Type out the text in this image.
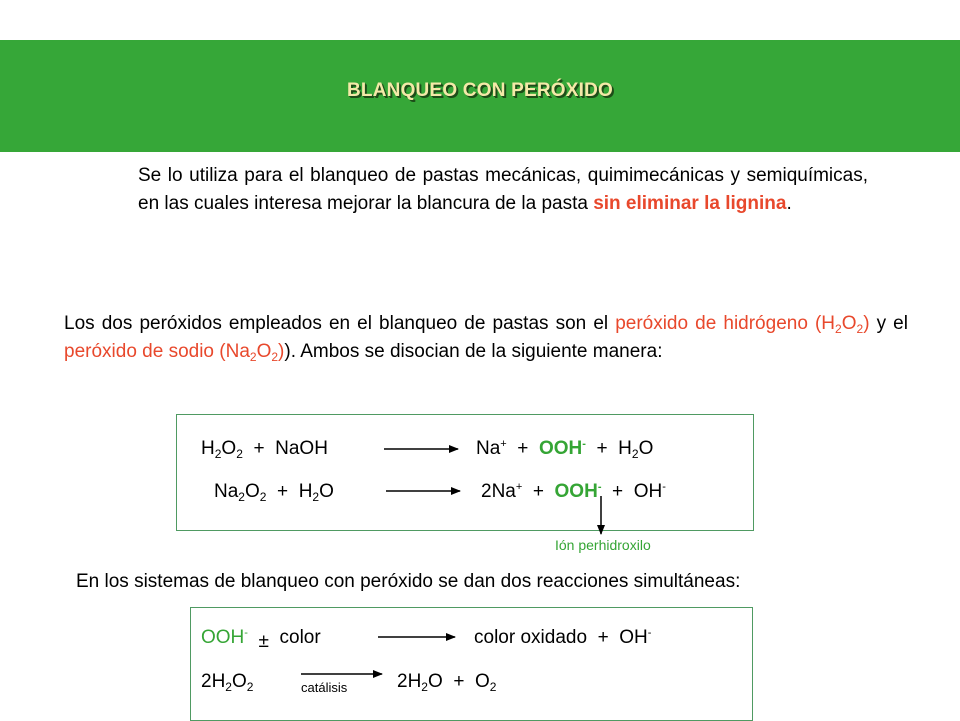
BLANQUEO CON PERÓXIDO
Se lo utiliza para el blanqueo de pastas mecánicas, quimimecánicas y semiquímicas, en las cuales interesa mejorar la blancura de la pasta sin eliminar la lignina.
Los dos peróxidos empleados en el blanqueo de pastas son el peróxido de hidrógeno $(H_2O_2)$ y el peróxido de sodio $(Na_2O_2)$). Ambos se disocian de la siguiente manera:
$H_2O_2$ + NaOH	$Na^+ + OOH^- + H_2O$
$Na_2O_2 + H_2O$	2Na+ + OOH- + OH-
Ión perhidroxilo
En los sistemas de blanqueo con peróxido se dan dos reacciones simultáneas:
OOH- ± color	color oxidado + OH-
$2H_2O_2$	catálisis	$2H_2O + O_2$
